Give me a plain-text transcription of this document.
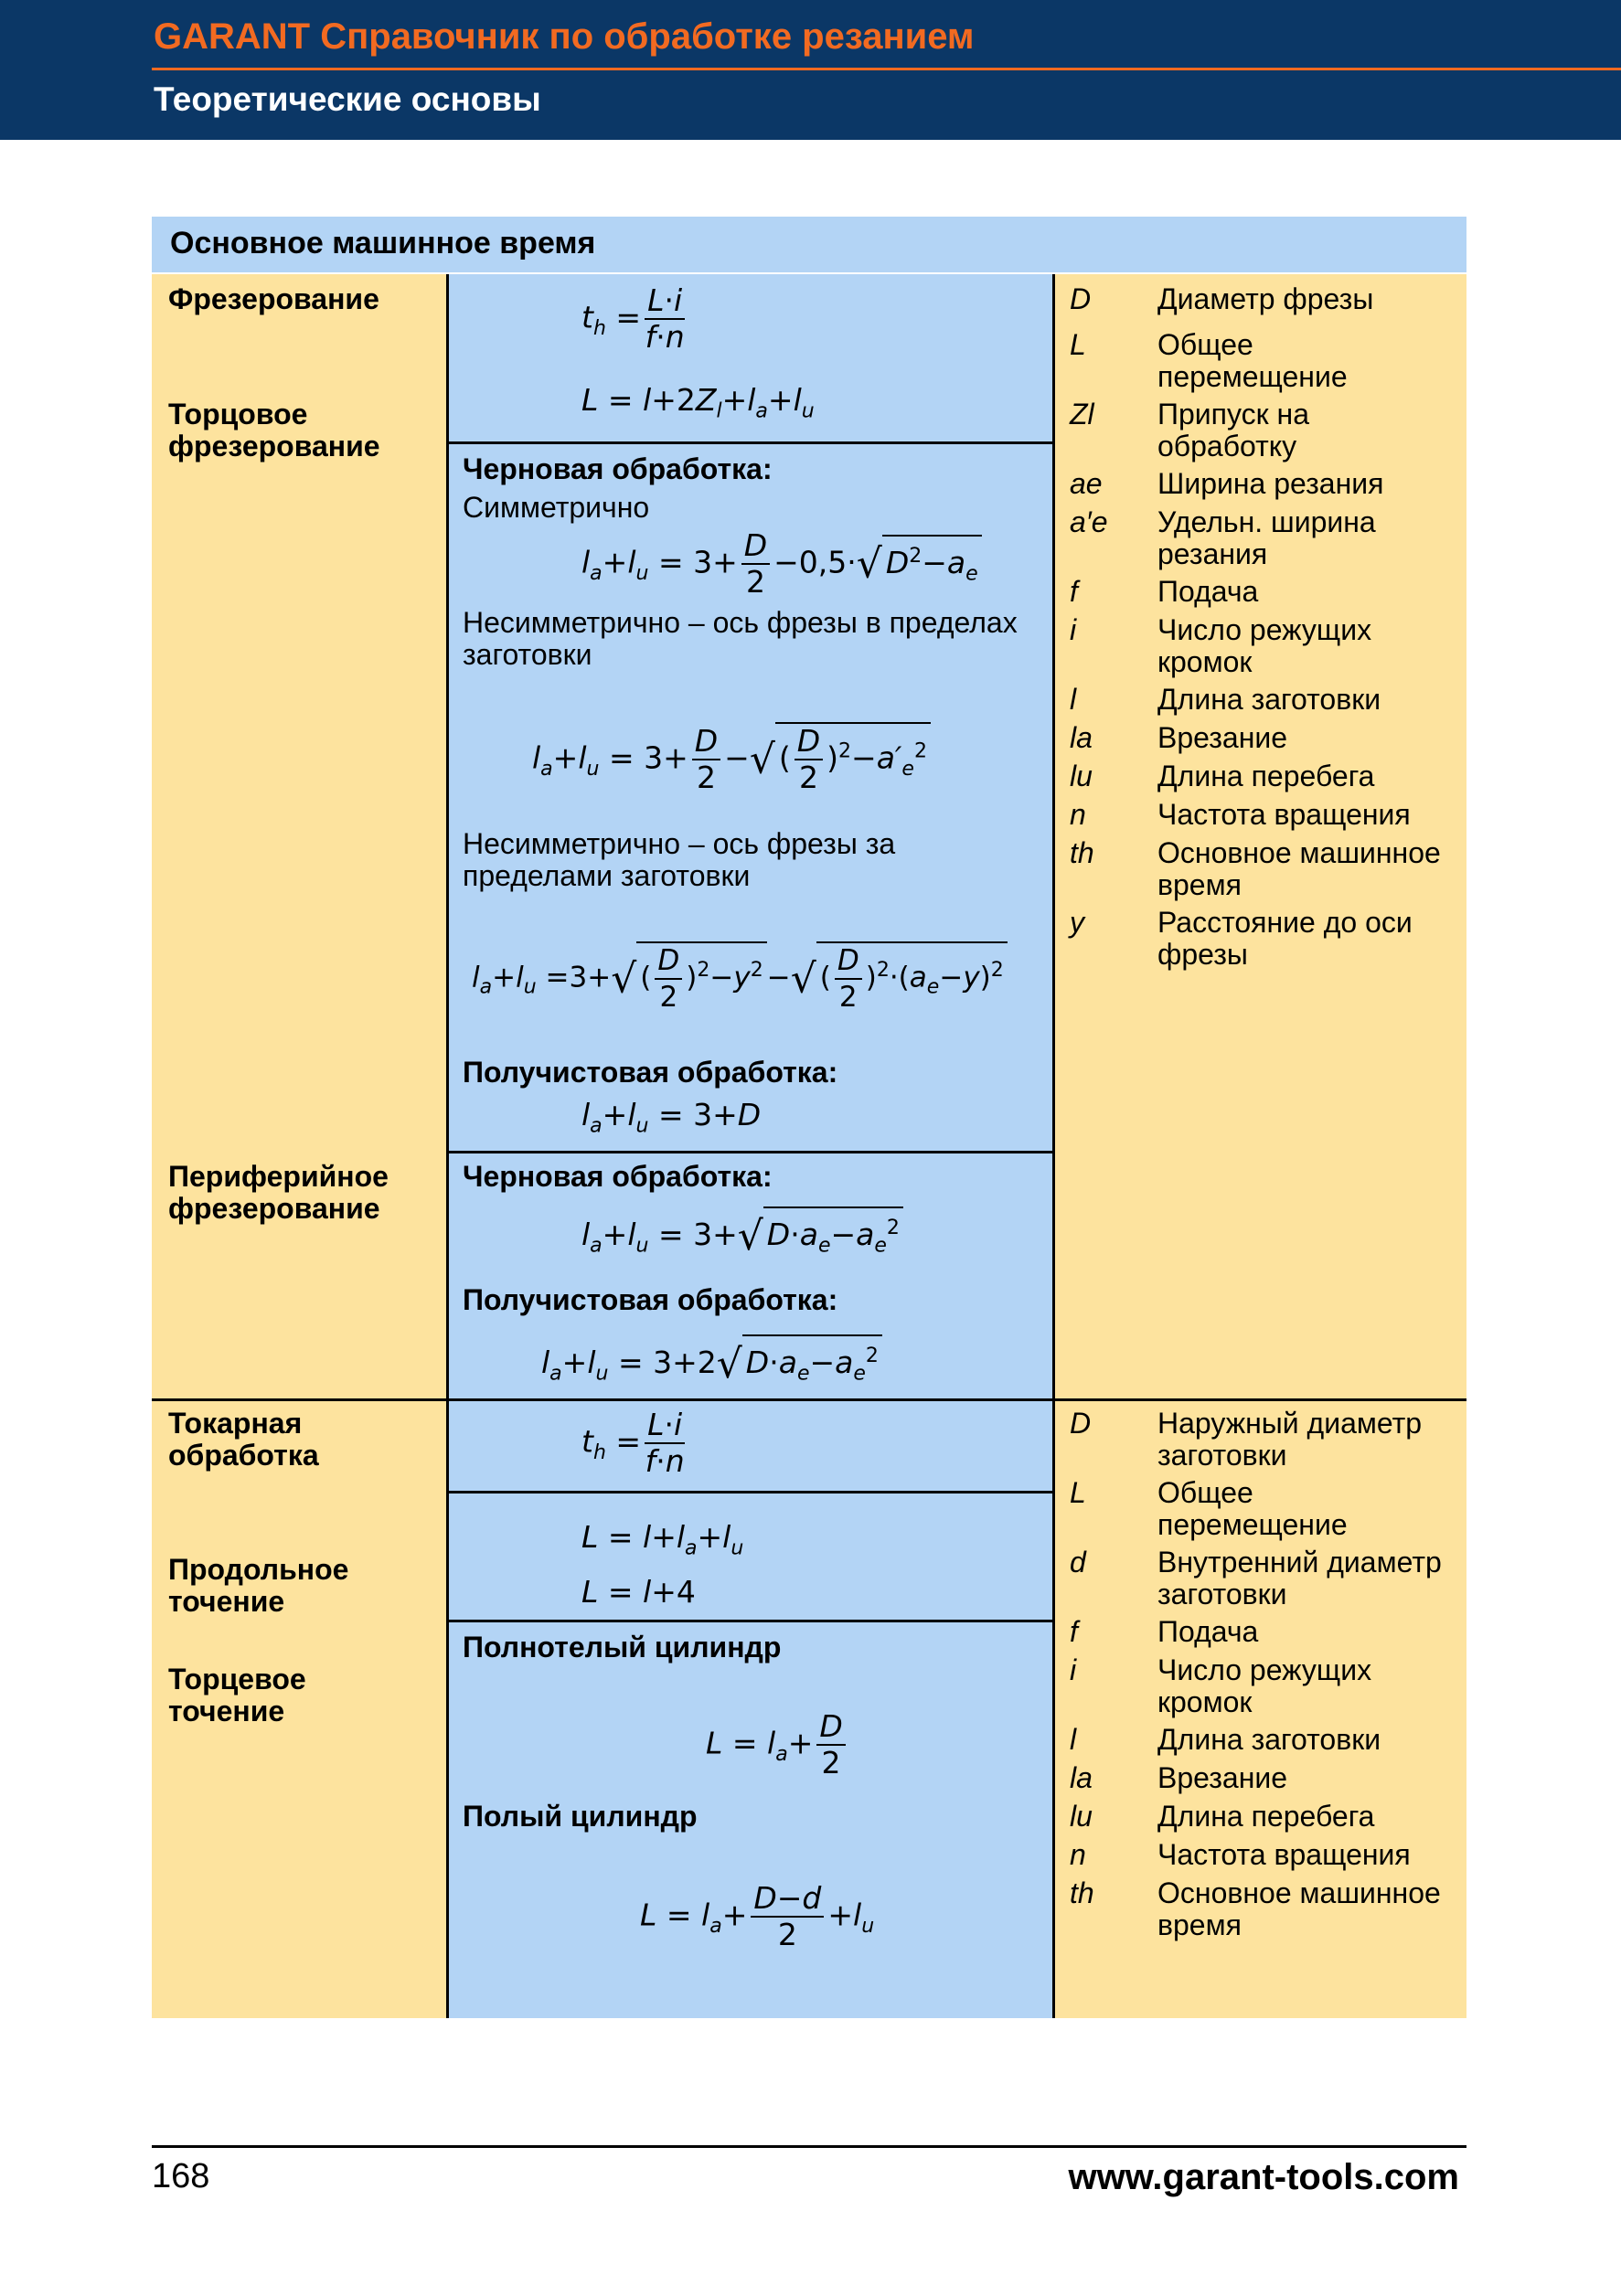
GARANT Справочник по обработке резанием
Теоретические основы
Основное машинное время
Фрезерование
Торцовое фрезерование
Периферийное фрезерование
$t_h = \frac{L\cdot i}{f\cdot n}$
$L = l+2Z_l+l_a+l_u$
Черновая обработка:
Симметрично
$l_a+l_u = 3+ \frac{D}{2} -0,5\cdot√$ $D^2-a_e$
Несимметрично – ось фрезы в пределах заготовки
$l_a+l_u = 3+ \frac{D}{2}$ −√ ( $\frac{D}{2} )^2-a'_e^2$
Несимметрично – ось фрезы за пределами заготовки
$l_a+l_u =3+√$ ( $\frac{D}{2} )^2-y^2$ −√ ( $\frac{D}{2} )^2\cdot(a_e-y)^2$
Получистовая обработка:
$l_a+l_u = 3+D$
Черновая обработка:
$l_a+l_u = 3+√$ $D\cdot a_e-a_e^2$
Получистовая обработка:
$l_a+l_u = 3+2√$ $D\cdot a_e-a_e^2$
D Диаметр фрезы
L Общее перемещение
Zl Припуск на обработку
ae Ширина резания
a′e Удельн. ширина резания
f	Подача
i	Число режущих кромок
l	Длина заготовки
la Врезание
lu Длина перебега
n Частота вращения
th Основное машинное время
y	Расстояние до оси фрезы
Токарная обработка
Продольное точение
Торцевое точение
$t_h = \frac{L\cdot i}{f\cdot n}$
$L = l+l_a+l_u$
L = l+4
Полнотелый цилиндр
$L = l_a+ \frac{D}{2}$
Полый цилиндр
$L = l_a+ \frac{D-d}{2} +l_u$
D Наружный диаметр заготовки
L Общее перемещение
d Внутренний диаметр заготовки
f	Подача
i	Число режущих кромок
l	Длина заготовки
la Врезание
lu Длина перебега
n Частота вращения
th Основное машинное время
168	www.garant-tools.com
